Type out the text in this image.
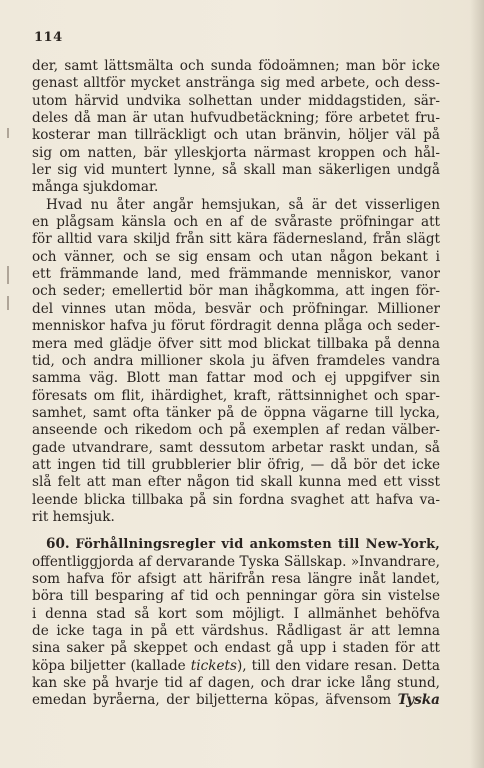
114
der, samt lättsmälta och sunda födoämnen; man bör icke
genast alltför mycket anstränga sig med arbete, och dess-
utom härvid undvika solhettan under middagstiden, sär-
deles då man är utan hufvudbetäckning; före arbetet fru-
kosterar man tillräckligt och utan bränvin, höljer väl på
sig om natten, bär ylleskjorta närmast kroppen och hål-
ler sig vid muntert lynne, så skall man säkerligen undgå
många sjukdomar.
Hvad nu åter angår hemsjukan, så är det visserligen
en plågsam känsla och en af de svåraste pröfningar att
för alltid vara skiljd från sitt kära fädernesland, från slägt
och vänner, och se sig ensam och utan någon bekant i
ett främmande land, med främmande menniskor, vanor
och seder; emellertid bör man ihågkomma, att ingen för-
del vinnes utan möda, besvär och pröfningar. Millioner
menniskor hafva ju förut fördragit denna plåga och seder-
mera med glädje öfver sitt mod blickat tillbaka på denna
tid, och andra millioner skola ju äfven framdeles vandra
samma väg. Blott man fattar mod och ej uppgifver sin
föresats om flit, ihärdighet, kraft, rättsinnighet och spar-
samhet, samt ofta tänker på de öppna vägarne till lycka,
anseende och rikedom och på exemplen af redan välber-
gade utvandrare, samt dessutom arbetar raskt undan, så
att ingen tid till grubblerier blir öfrig, — då bör det icke
slå felt att man efter någon tid skall kunna med ett visst
leende blicka tillbaka på sin fordna svaghet att hafva va-
rit hemsjuk.
60. Förhållningsregler vid ankomsten till New-York,
offentliggjorda af dervarande Tyska Sällskap. »Invandrare,
som hafva för afsigt att härifrån resa längre inåt landet,
böra till besparing af tid och penningar göra sin vistelse
i denna stad så kort som möjligt. I allmänhet behöfva
de icke taga in på ett värdshus. Rådligast är att lemna
sina saker på skeppet och endast gå upp i staden för att
köpa biljetter (kallade tickets), till den vidare resan. Detta
kan ske på hvarje tid af dagen, och drar icke lång stund,
emedan byråerna, der biljetterna köpas, äfvensom Tyska
